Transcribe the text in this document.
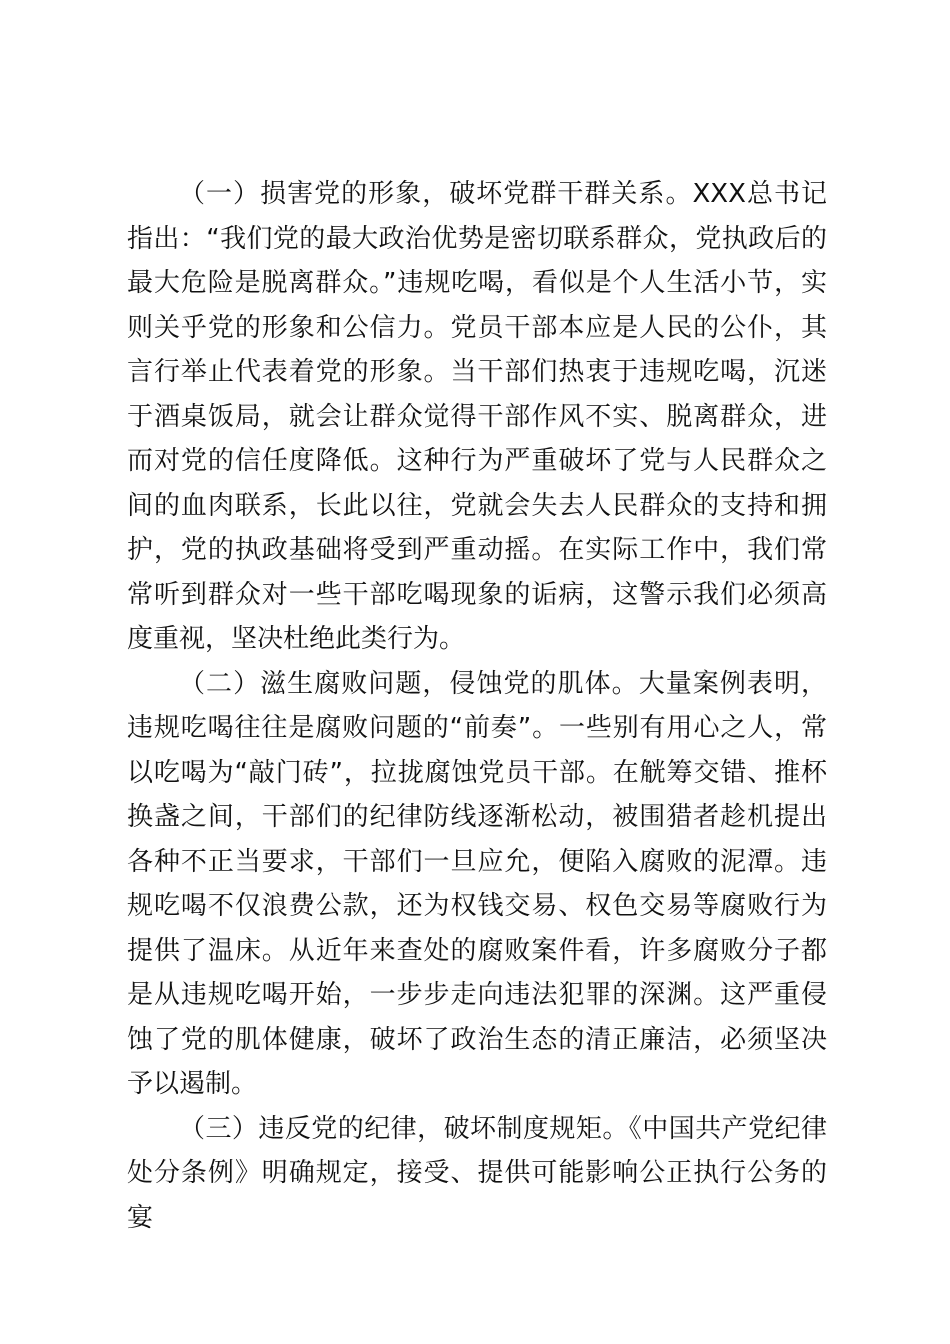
（一）损害党的形象，破坏党群干群关系。XXX总书记指出：“我们党的最大政治优势是密切联系群众，党执政后的最大危险是脱离群众。”违规吃喝，看似是个人生活小节，实则关乎党的形象和公信力。党员干部本应是人民的公仆，其言行举止代表着党的形象。当干部们热衷于违规吃喝，沉迷于酒桌饭局，就会让群众觉得干部作风不实、脱离群众，进而对党的信任度降低。这种行为严重破坏了党与人民群众之间的血肉联系，长此以往，党就会失去人民群众的支持和拥护，党的执政基础将受到严重动摇。在实际工作中，我们常常听到群众对一些干部吃喝现象的诟病，这警示我们必须高度重视，坚决杜绝此类行为。

（二）滋生腐败问题，侵蚀党的肌体。大量案例表明，违规吃喝往往是腐败问题的“前奏”。一些别有用心之人，常以吃喝为“敲门砖”，拉拢腐蚀党员干部。在觥筹交错、推杯换盏之间，干部们的纪律防线逐渐松动，被围猎者趁机提出各种不正当要求，干部们一旦应允，便陷入腐败的泥潭。违规吃喝不仅浪费公款，还为权钱交易、权色交易等腐败行为提供了温床。从近年来查处的腐败案件看，许多腐败分子都是从违规吃喝开始，一步步走向违法犯罪的深渊。这严重侵蚀了党的肌体健康，破坏了政治生态的清正廉洁，必须坚决予以遏制。

（三）违反党的纪律，破坏制度规矩。《中国共产党纪律处分条例》明确规定，接受、提供可能影响公正执行公务的宴
